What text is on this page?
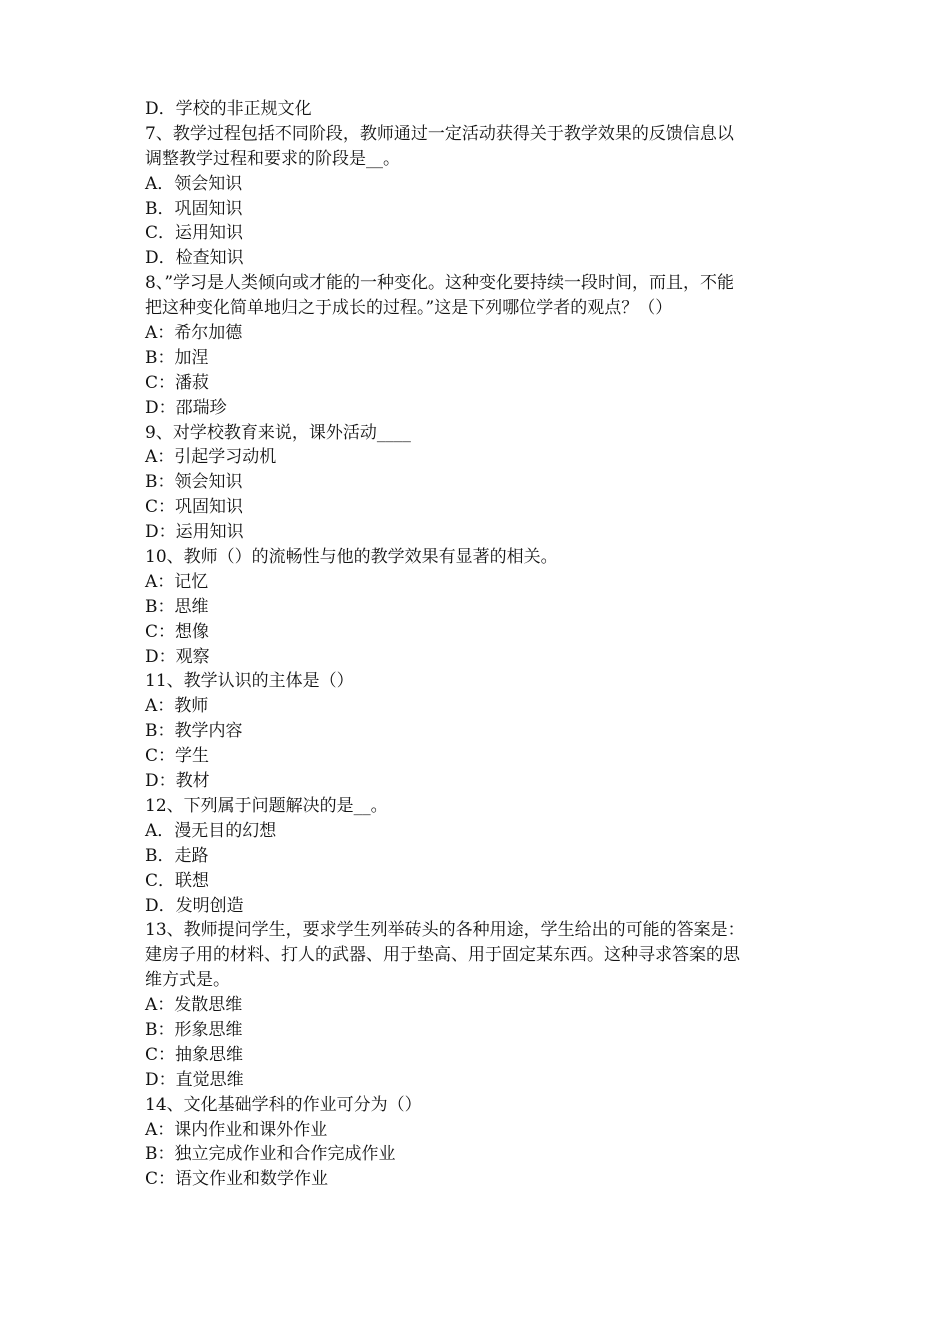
D．学校的非正规文化
7、教学过程包括不同阶段，教师通过一定活动获得关于教学效果的反馈信息以
调整教学过程和要求的阶段是__。
A．领会知识
B．巩固知识
C．运用知识
D．检查知识
8、”学习是人类倾向或才能的一种变化。这种变化要持续一段时间，而且，不能
把这种变化简单地归之于成长的过程。”这是下列哪位学者的观点？（）
A：希尔加德
B：加涅
C：潘菽
D：邵瑞珍
9、对学校教育来说，课外活动____
A：引起学习动机
B：领会知识
C：巩固知识
D：运用知识
10、教师（）的流畅性与他的教学效果有显著的相关。
A：记忆
B：思维
C：想像
D：观察
11、教学认识的主体是（）
A：教师
B：教学内容
C：学生
D：教材
12、下列属于问题解决的是__。
A．漫无目的幻想
B．走路
C．联想
D．发明创造
13、教师提问学生，要求学生列举砖头的各种用途，学生给出的可能的答案是：
建房子用的材料、打人的武器、用于垫高、用于固定某东西。这种寻求答案的思
维方式是。
A：发散思维
B：形象思维
C：抽象思维
D：直觉思维
14、文化基础学科的作业可分为（）
A：课内作业和课外作业
B：独立完成作业和合作完成作业
C：语文作业和数学作业
